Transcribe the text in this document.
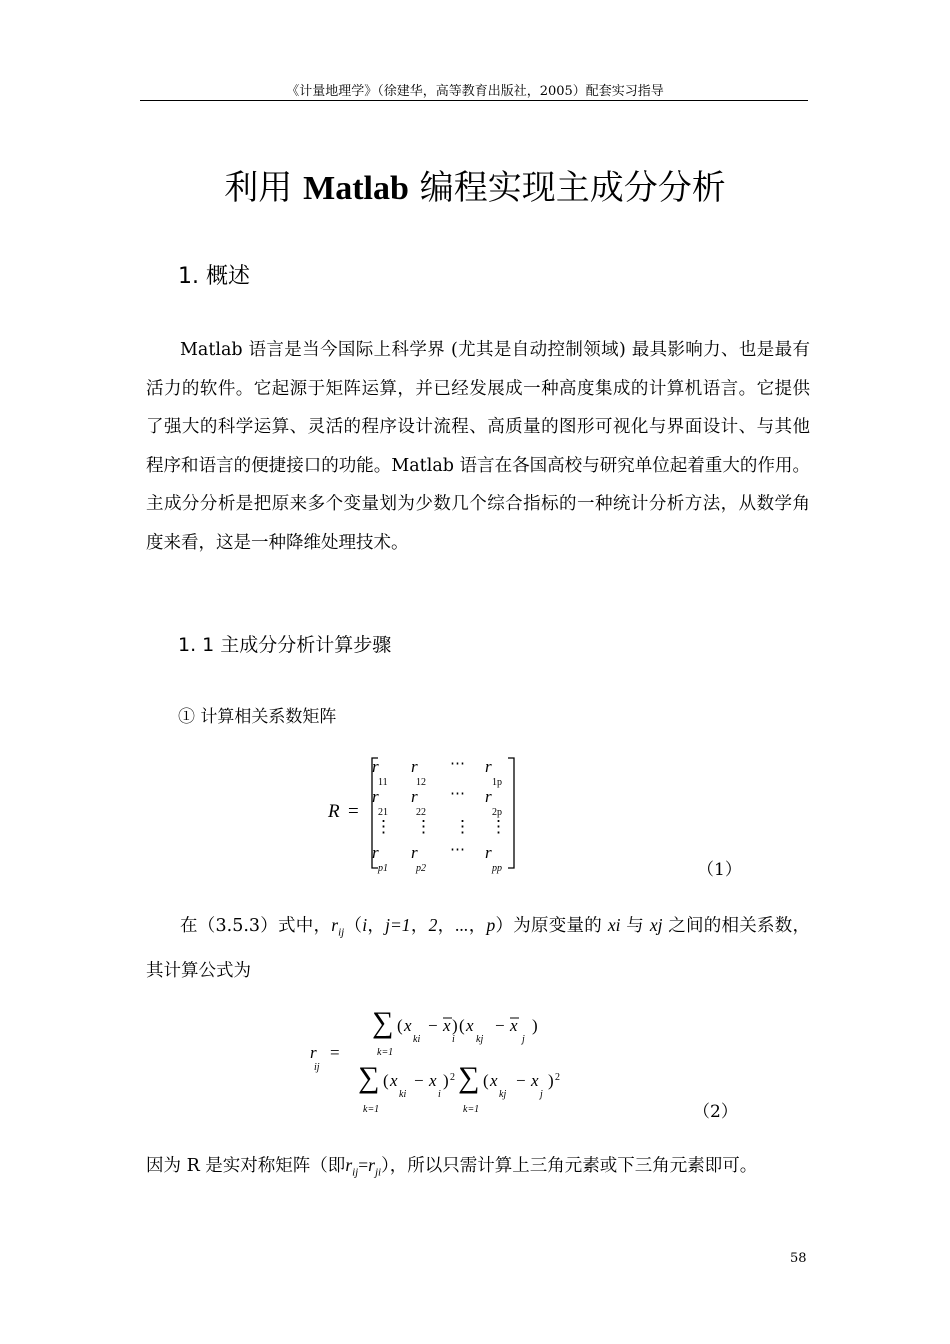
《计量地理学》（徐建华，高等教育出版社，2005）配套实习指导
利用 Matlab 编程实现主成分分析
1. 概述
Matlab 语言是当今国际上科学界 (尤其是自动控制领域) 最具影响力、也是最有活力的软件。它起源于矩阵运算，并已经发展成一种高度集成的计算机语言。它提供了强大的科学运算、灵活的程序设计流程、高质量的图形可视化与界面设计、与其他程序和语言的便捷接口的功能。Matlab 语言在各国高校与研究单位起着重大的作用。主成分分析是把原来多个变量划为少数几个综合指标的一种统计分析方法，从数学角度来看，这是一种降维处理技术。
1. 1 主成分分析计算步骤
① 计算相关系数矩阵
R =
r
11
r
12
⋯ r
1p
r
21
r
22
⋯ r
2p
⋮ ⋮ ⋮ ⋮
r
p1
r
p2
⋯ r
pp	（1）
在（3.5.3）式中，$r_{ij}(i$，j=1，2，...，p）为原变量的 xi 与 xj 之间的相关系数，其计算公式为
r
ij
=
∑
k=1
( x
ki
− x
i
) ( x
kj
− x
j
)
∑
k=1
( x
ki
− x
i
) 2 ∑
k=1
( x
kj
− x
j
) 2
（2）
因为 R 是实对称矩阵（即$r_{ij}=r_{ji}$），所以只需计算上三角元素或下三角元素即可。
58
